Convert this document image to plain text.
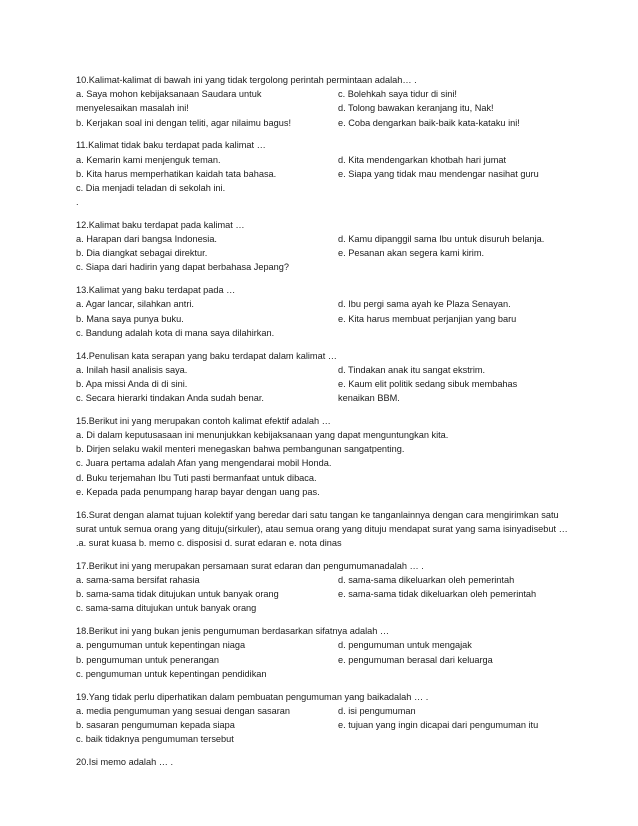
10.Kalimat-kalimat di bawah ini yang tidak tergolong perintah permintaan adalah… .
a. Saya mohon kebijaksanaan Saudara untuk	c. Bolehkah saya tidur di sini!
menyelesaikan masalah ini!	d. Tolong bawakan keranjang itu, Nak!
b. Kerjakan soal ini dengan teliti, agar nilaimu bagus!	e. Coba dengarkan baik-baik kata-kataku ini!
11.Kalimat tidak baku terdapat pada kalimat …
a. Kemarin kami menjenguk teman.	d. Kita mendengarkan khotbah hari jumat
b. Kita harus memperhatikan kaidah tata bahasa.	e. Siapa yang tidak mau mendengar nasihat guru
c. Dia menjadi teladan di sekolah ini.
.
12.Kalimat baku terdapat pada kalimat …
a. Harapan dari bangsa Indonesia.	d. Kamu dipanggil sama Ibu untuk disuruh belanja.
b. Dia diangkat sebagai direktur.	e. Pesanan akan segera kami kirim.
c. Siapa dari hadirin yang dapat berbahasa Jepang?
13.Kalimat yang baku terdapat pada …
a. Agar lancar, silahkan antri.	d. Ibu pergi sama ayah ke Plaza Senayan.
b. Mana saya punya buku.	e. Kita harus membuat perjanjian yang baru
c. Bandung adalah kota di mana saya dilahirkan.
14.Penulisan kata serapan yang baku terdapat dalam kalimat …
a. Inilah hasil analisis saya.	d. Tindakan anak itu sangat ekstrim.
b. Apa missi Anda di di sini.	e. Kaum elit politik sedang sibuk membahas
c. Secara hierarki tindakan Anda sudah benar.	kenaikan BBM.
15.Berikut ini yang merupakan contoh kalimat efektif adalah …
a. Di dalam keputusasaan ini menunjukkan kebijaksanaan yang dapat menguntungkan kita.
b. Dirjen selaku wakil menteri menegaskan bahwa pembangunan sangatpenting.
c. Juara pertama adalah Afan yang mengendarai mobil Honda.
d. Buku terjemahan Ibu Tuti pasti bermanfaat untuk dibaca.
e. Kepada pada penumpang harap bayar dengan uang pas.
16.Surat dengan alamat tujuan kolektif yang beredar dari satu tangan ke tanganlainnya dengan cara mengirimkan satu surat untuk semua orang yang dituju(sirkuler), atau semua orang yang dituju mendapat surat yang sama isinyadisebut … .a. surat kuasa b. memo c. disposisi d. surat edaran e. nota dinas
17.Berikut ini yang merupakan persamaan surat edaran dan pengumumanadalah … .
a. sama-sama bersifat rahasia	d. sama-sama dikeluarkan oleh pemerintah
b. sama-sama tidak ditujukan untuk banyak orang	e. sama-sama tidak dikeluarkan oleh pemerintah
c. sama-sama ditujukan untuk banyak orang
18.Berikut ini yang bukan jenis pengumuman berdasarkan sifatnya adalah …
a. pengumuman untuk kepentingan niaga	d. pengumuman untuk mengajak
b. pengumuman untuk penerangan	e. pengumuman berasal dari keluarga
c. pengumuman untuk kepentingan pendidikan
19.Yang tidak perlu diperhatikan dalam pembuatan pengumuman yang baikadalah … .
a. media pengumuman yang sesuai dengan sasaran	d. isi pengumuman
b. sasaran pengumuman kepada siapa	e. tujuan yang ingin dicapai dari pengumuman itu
c. baik tidaknya pengumuman tersebut
20.Isi memo adalah … .
